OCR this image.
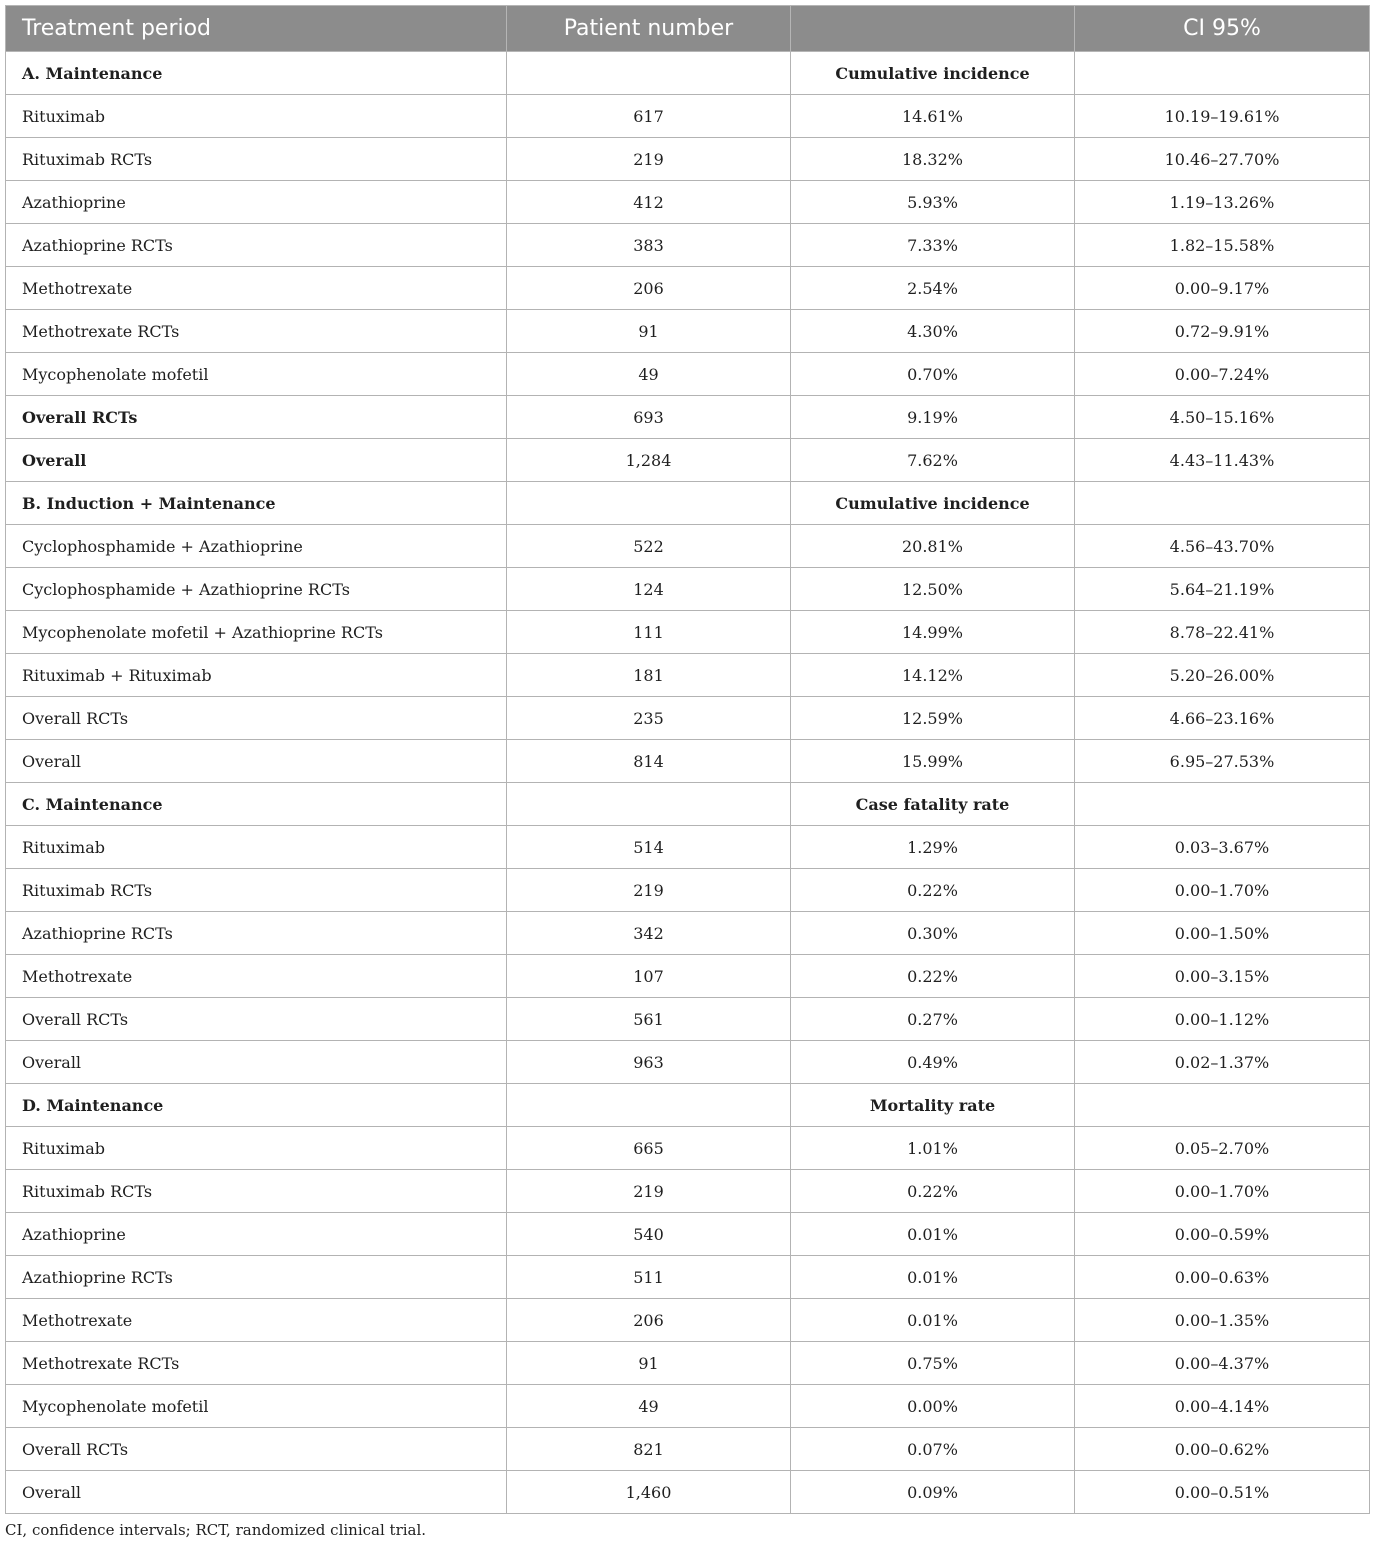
Treatment period	Patient number		CI 95%
A. Maintenance		Cumulative incidence	
Rituximab	617	14.61%	10.19–19.61%
Rituximab RCTs	219	18.32%	10.46–27.70%
Azathioprine	412	5.93%	1.19–13.26%
Azathioprine RCTs	383	7.33%	1.82–15.58%
Methotrexate	206	2.54%	0.00–9.17%
Methotrexate RCTs	91	4.30%	0.72–9.91%
Mycophenolate mofetil	49	0.70%	0.00–7.24%
Overall RCTs	693	9.19%	4.50–15.16%
Overall	1,284	7.62%	4.43–11.43%
B. Induction + Maintenance		Cumulative incidence	
Cyclophosphamide + Azathioprine	522	20.81%	4.56–43.70%
Cyclophosphamide + Azathioprine RCTs	124	12.50%	5.64–21.19%
Mycophenolate mofetil + Azathioprine RCTs	111	14.99%	8.78–22.41%
Rituximab + Rituximab	181	14.12%	5.20–26.00%
Overall RCTs	235	12.59%	4.66–23.16%
Overall	814	15.99%	6.95–27.53%
C. Maintenance		Case fatality rate	
Rituximab	514	1.29%	0.03–3.67%
Rituximab RCTs	219	0.22%	0.00–1.70%
Azathioprine RCTs	342	0.30%	0.00–1.50%
Methotrexate	107	0.22%	0.00–3.15%
Overall RCTs	561	0.27%	0.00–1.12%
Overall	963	0.49%	0.02–1.37%
D. Maintenance		Mortality rate	
Rituximab	665	1.01%	0.05–2.70%
Rituximab RCTs	219	0.22%	0.00–1.70%
Azathioprine	540	0.01%	0.00–0.59%
Azathioprine RCTs	511	0.01%	0.00–0.63%
Methotrexate	206	0.01%	0.00–1.35%
Methotrexate RCTs	91	0.75%	0.00–4.37%
Mycophenolate mofetil	49	0.00%	0.00–4.14%
Overall RCTs	821	0.07%	0.00–0.62%
Overall	1,460	0.09%	0.00–0.51%
CI, confidence intervals; RCT, randomized clinical trial.
